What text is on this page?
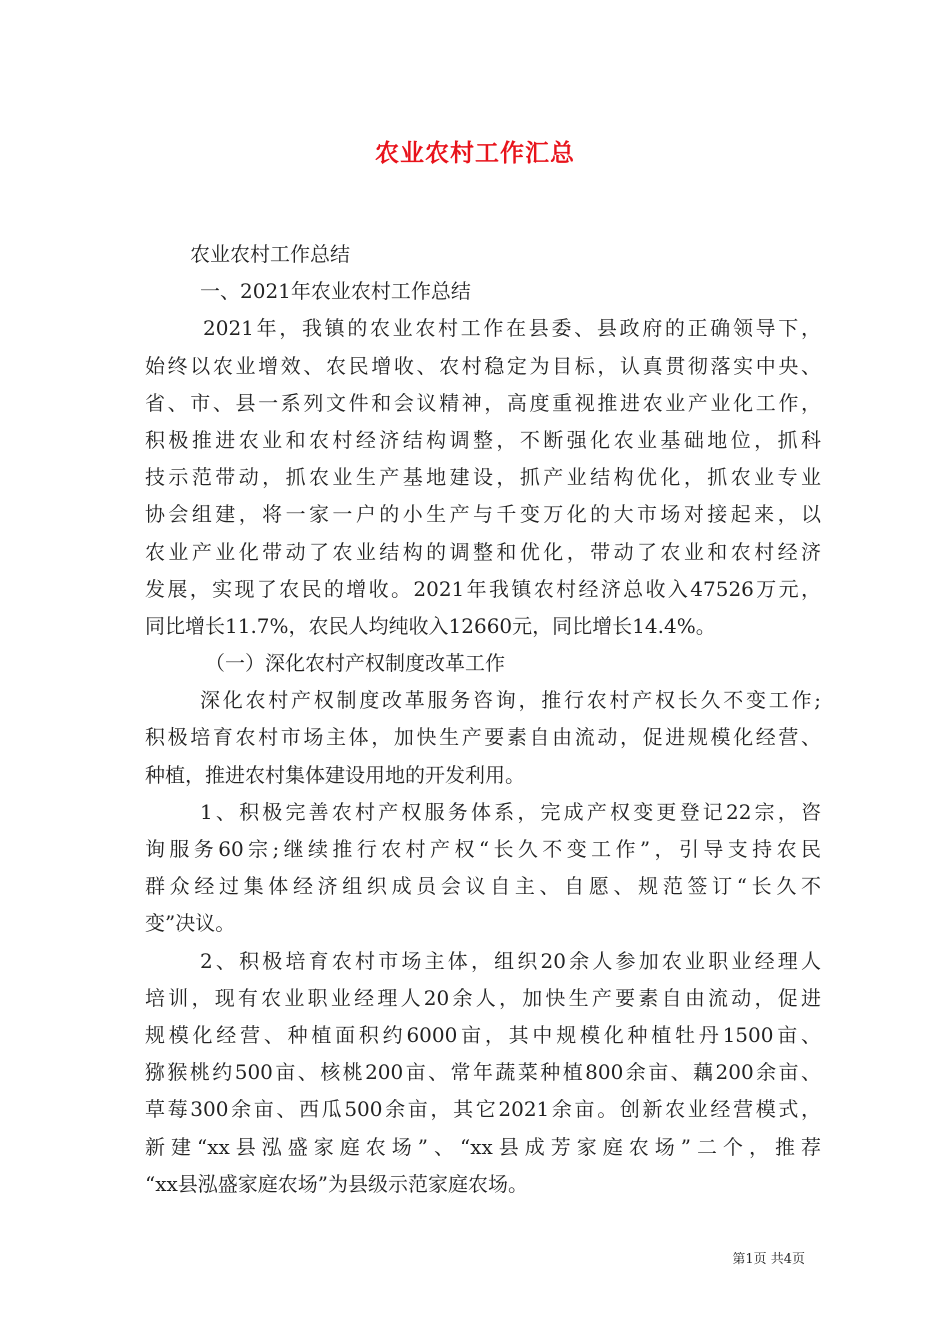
农业农村工作汇总
农业农村工作总结
一、2021年农业农村工作总结
2021年，我镇的农业农村工作在县委、县政府的正确领导下，
始终以农业增效、农民增收、农村稳定为目标，认真贯彻落实中央、
省、市、县一系列文件和会议精神，高度重视推进农业产业化工作，
积极推进农业和农村经济结构调整，不断强化农业基础地位，抓科
技示范带动，抓农业生产基地建设，抓产业结构优化，抓农业专业
协会组建，将一家一户的小生产与千变万化的大市场对接起来，以
农业产业化带动了农业结构的调整和优化，带动了农业和农村经济
发展，实现了农民的增收。2021年我镇农村经济总收入47526万元，
同比增长11.7%，农民人均纯收入12660元，同比增长14.4%。
（一）深化农村产权制度改革工作
深化农村产权制度改革服务咨询，推行农村产权长久不变工作;
积极培育农村市场主体，加快生产要素自由流动，促进规模化经营、
种植，推进农村集体建设用地的开发利用。
1、积极完善农村产权服务体系，完成产权变更登记22宗，咨
询服务60宗;继续推行农村产权“长久不变工作”，引导支持农民
群众经过集体经济组织成员会议自主、自愿、规范签订“长久不
变”决议。
2、积极培育农村市场主体，组织20余人参加农业职业经理人
培训，现有农业职业经理人20余人，加快生产要素自由流动，促进
规模化经营、种植面积约6000亩，其中规模化种植牡丹1500亩、
猕猴桃约500亩、核桃200亩、常年蔬菜种植800余亩、藕200余亩、
草莓300余亩、西瓜500余亩，其它2021余亩。创新农业经营模式，
新建“xx县泓盛家庭农场”、“xx县成芳家庭农场”二个，推荐
“xx县泓盛家庭农场”为县级示范家庭农场。
第1页 共4页
